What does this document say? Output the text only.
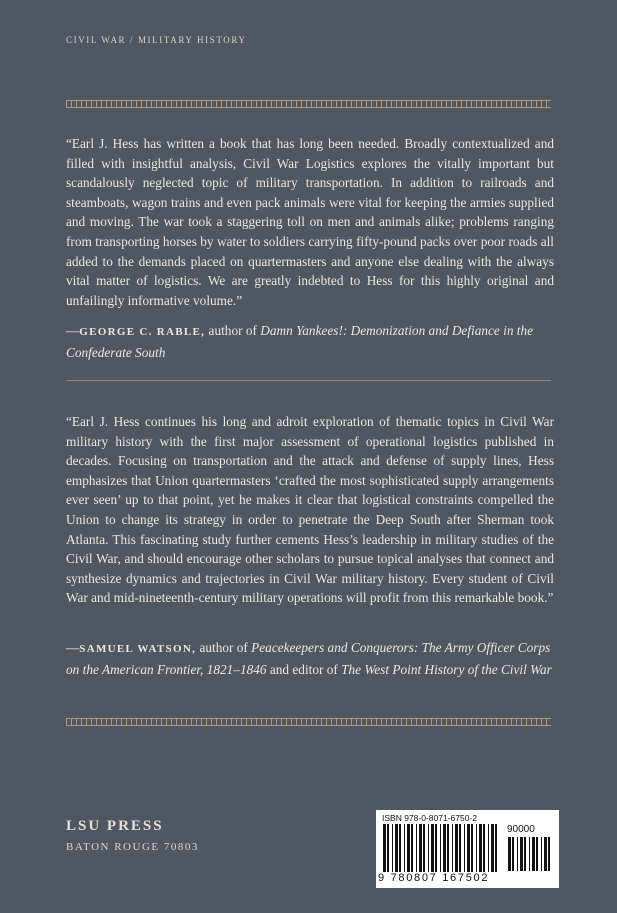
CIVIL WAR / MILITARY HISTORY

“Earl J. Hess has written a book that has long been needed. Broadly contextualized and filled with insightful analysis, Civil War Logistics explores the vitally important but scandalously neglected topic of military transportation. In addition to railroads and steamboats, wagon trains and even pack animals were vital for keeping the armies supplied and moving. The war took a staggering toll on men and animals alike; problems ranging from transporting horses by water to soldiers carrying fifty-pound packs over poor roads all added to the demands placed on quartermasters and anyone else dealing with the always vital matter of logistics. We are greatly indebted to Hess for this highly original and unfailingly informative volume.”

—GEORGE C. RABLE, author of Damn Yankees!: Demonization and Defiance in the Confederate South

“Earl J. Hess continues his long and adroit exploration of thematic topics in Civil War military history with the first major assessment of operational logistics published in decades. Focusing on transportation and the attack and defense of supply lines, Hess emphasizes that Union quartermasters ‘crafted the most sophisticated supply arrangements ever seen’ up to that point, yet he makes it clear that logistical constraints compelled the Union to change its strategy in order to penetrate the Deep South after Sherman took Atlanta. This fascinating study further cements Hess’s leadership in military studies of the Civil War, and should encourage other scholars to pursue topical analyses that connect and synthesize dynamics and trajectories in Civil War military history. Every student of Civil War and mid-nineteenth-century military operations will profit from this remarkable book.”

—SAMUEL WATSON, author of Peacekeepers and Conquerors: The Army Officer Corps on the American Frontier, 1821–1846 and editor of The West Point History of the Civil War
LSU PRESS
BATON ROUGE 70803
ISBN 978-0-8071-6750-2
90000
9 780807 167502
